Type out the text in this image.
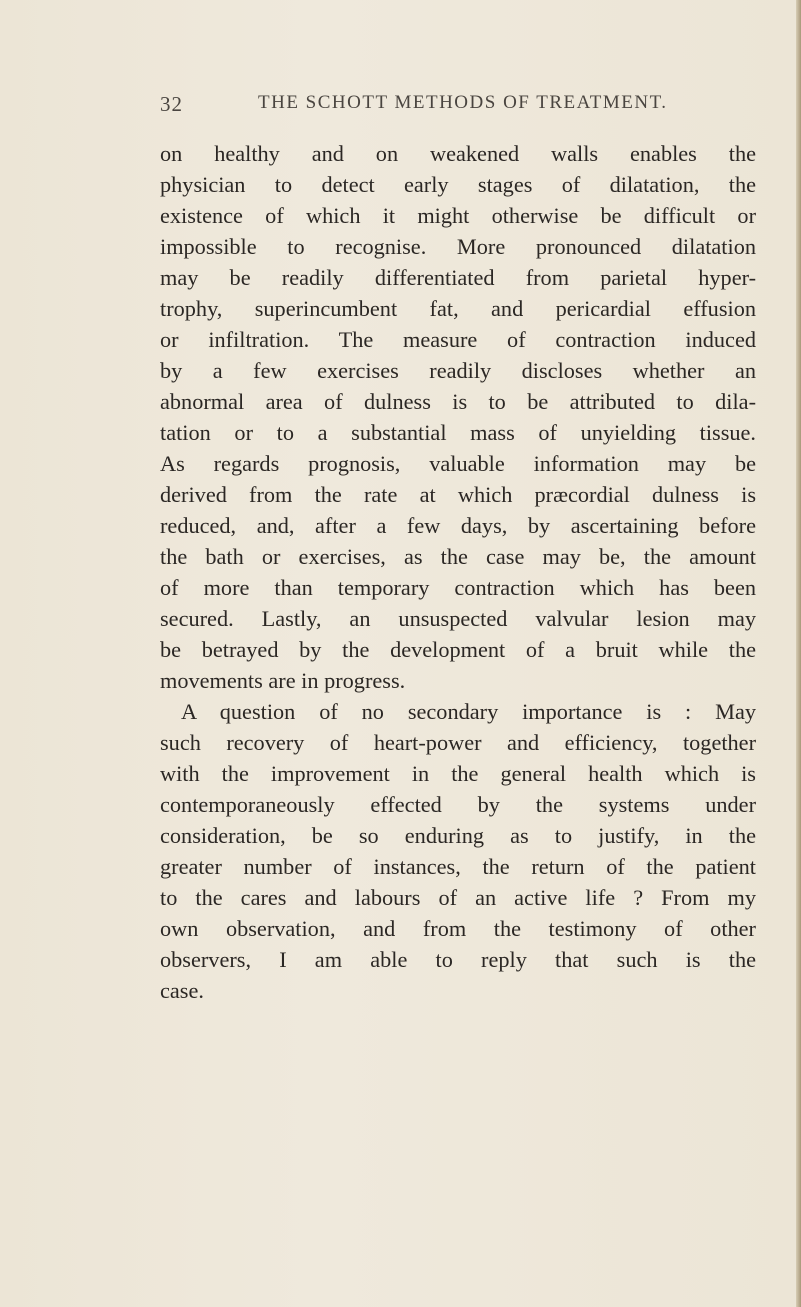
32	THE SCHOTT METHODS OF TREATMENT.
on healthy and on weakened walls enables the
physician to detect early stages of dilatation, the
existence of which it might otherwise be difficult or
impossible to recognise. More pronounced dilatation
may be readily differentiated from parietal hyper-
trophy, superincumbent fat, and pericardial effusion
or infiltration. The measure of contraction induced
by a few exercises readily discloses whether an
abnormal area of dulness is to be attributed to dila-
tation or to a substantial mass of unyielding tissue.
As regards prognosis, valuable information may be
derived from the rate at which præcordial dulness is
reduced, and, after a few days, by ascertaining before
the bath or exercises, as the case may be, the amount
of more than temporary contraction which has been
secured. Lastly, an unsuspected valvular lesion may
be betrayed by the development of a bruit while the
movements are in progress.
A question of no secondary importance is : May
such recovery of heart-power and efficiency, together
with the improvement in the general health which is
contemporaneously effected by the systems under
consideration, be so enduring as to justify, in the
greater number of instances, the return of the patient
to the cares and labours of an active life ? From my
own observation, and from the testimony of other
observers, I am able to reply that such is the
case.
